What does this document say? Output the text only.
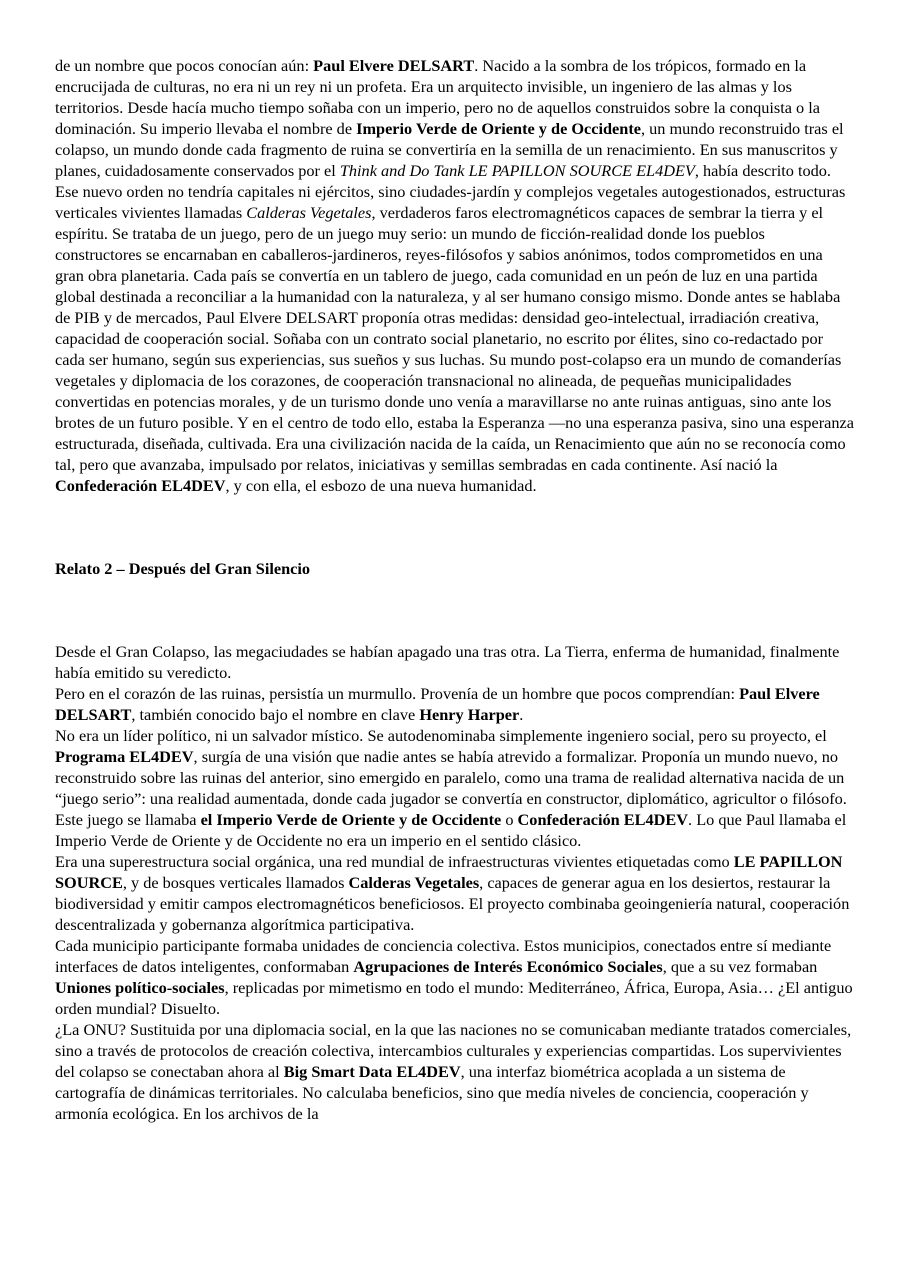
de un nombre que pocos conocían aún: Paul Elvere DELSART. Nacido a la sombra de los trópicos, formado en la encrucijada de culturas, no era ni un rey ni un profeta. Era un arquitecto invisible, un ingeniero de las almas y los territorios. Desde hacía mucho tiempo soñaba con un imperio, pero no de aquellos construidos sobre la conquista o la dominación. Su imperio llevaba el nombre de Imperio Verde de Oriente y de Occidente, un mundo reconstruido tras el colapso, un mundo donde cada fragmento de ruina se convertiría en la semilla de un renacimiento. En sus manuscritos y planes, cuidadosamente conservados por el Think and Do Tank LE PAPILLON SOURCE EL4DEV, había descrito todo. Ese nuevo orden no tendría capitales ni ejércitos, sino ciudades-jardín y complejos vegetales autogestionados, estructuras verticales vivientes llamadas Calderas Vegetales, verdaderos faros electromagnéticos capaces de sembrar la tierra y el espíritu. Se trataba de un juego, pero de un juego muy serio: un mundo de ficción-realidad donde los pueblos constructores se encarnaban en caballeros-jardineros, reyes-filósofos y sabios anónimos, todos comprometidos en una gran obra planetaria. Cada país se convertía en un tablero de juego, cada comunidad en un peón de luz en una partida global destinada a reconciliar a la humanidad con la naturaleza, y al ser humano consigo mismo. Donde antes se hablaba de PIB y de mercados, Paul Elvere DELSART proponía otras medidas: densidad geo-intelectual, irradiación creativa, capacidad de cooperación social. Soñaba con un contrato social planetario, no escrito por élites, sino co-redactado por cada ser humano, según sus experiencias, sus sueños y sus luchas. Su mundo post-colapso era un mundo de comanderías vegetales y diplomacia de los corazones, de cooperación transnacional no alineada, de pequeñas municipalidades convertidas en potencias morales, y de un turismo donde uno venía a maravillarse no ante ruinas antiguas, sino ante los brotes de un futuro posible. Y en el centro de todo ello, estaba la Esperanza —no una esperanza pasiva, sino una esperanza estructurada, diseñada, cultivada. Era una civilización nacida de la caída, un Renacimiento que aún no se reconocía como tal, pero que avanzaba, impulsado por relatos, iniciativas y semillas sembradas en cada continente. Así nació la Confederación EL4DEV, y con ella, el esbozo de una nueva humanidad.

Relato 2 – Después del Gran Silencio

Desde el Gran Colapso, las megaciudades se habían apagado una tras otra. La Tierra, enferma de humanidad, finalmente había emitido su veredicto.
Pero en el corazón de las ruinas, persistía un murmullo. Provenía de un hombre que pocos comprendían: Paul Elvere DELSART, también conocido bajo el nombre en clave Henry Harper.
No era un líder político, ni un salvador místico. Se autodenominaba simplemente ingeniero social, pero su proyecto, el Programa EL4DEV, surgía de una visión que nadie antes se había atrevido a formalizar. Proponía un mundo nuevo, no reconstruido sobre las ruinas del anterior, sino emergido en paralelo, como una trama de realidad alternativa nacida de un “juego serio”: una realidad aumentada, donde cada jugador se convertía en constructor, diplomático, agricultor o filósofo.
Este juego se llamaba el Imperio Verde de Oriente y de Occidente o Confederación EL4DEV. Lo que Paul llamaba el Imperio Verde de Oriente y de Occidente no era un imperio en el sentido clásico.
Era una superestructura social orgánica, una red mundial de infraestructuras vivientes etiquetadas como LE PAPILLON SOURCE, y de bosques verticales llamados Calderas Vegetales, capaces de generar agua en los desiertos, restaurar la biodiversidad y emitir campos electromagnéticos beneficiosos. El proyecto combinaba geoingeniería natural, cooperación descentralizada y gobernanza algorítmica participativa.
Cada municipio participante formaba unidades de conciencia colectiva. Estos municipios, conectados entre sí mediante interfaces de datos inteligentes, conformaban Agrupaciones de Interés Económico Sociales, que a su vez formaban Uniones político-sociales, replicadas por mimetismo en todo el mundo: Mediterráneo, África, Europa, Asia… ¿El antiguo orden mundial? Disuelto.
¿La ONU? Sustituida por una diplomacia social, en la que las naciones no se comunicaban mediante tratados comerciales, sino a través de protocolos de creación colectiva, intercambios culturales y experiencias compartidas. Los supervivientes del colapso se conectaban ahora al Big Smart Data EL4DEV, una interfaz biométrica acoplada a un sistema de cartografía de dinámicas territoriales. No calculaba beneficios, sino que medía niveles de conciencia, cooperación y armonía ecológica. En los archivos de la
